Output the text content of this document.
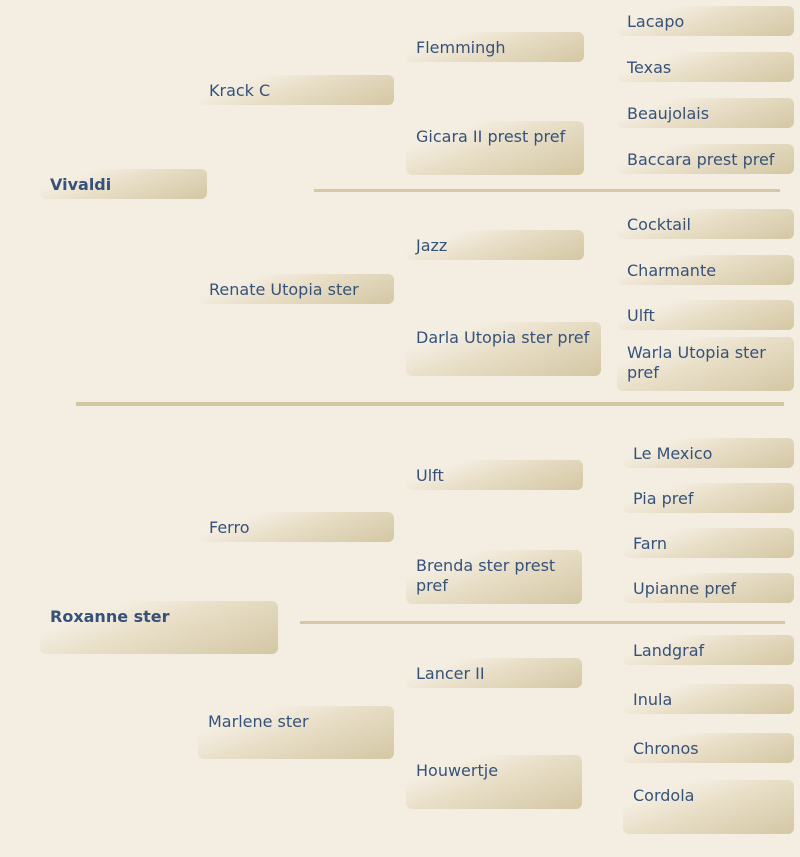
Vivaldi
Roxanne ster
Krack C
Renate Utopia ster
Ferro
Marlene ster
Flemmingh
Gicara II prest pref
Jazz
Darla Utopia ster pref
Ulft
Brenda ster prest pref
Lancer II
Houwertje
Lacapo
Texas
Beaujolais
Baccara prest pref
Cocktail
Charmante
Ulft
Warla Utopia ster pref
Le Mexico
Pia pref
Farn
Upianne pref
Landgraf
Inula
Chronos
Cordola
